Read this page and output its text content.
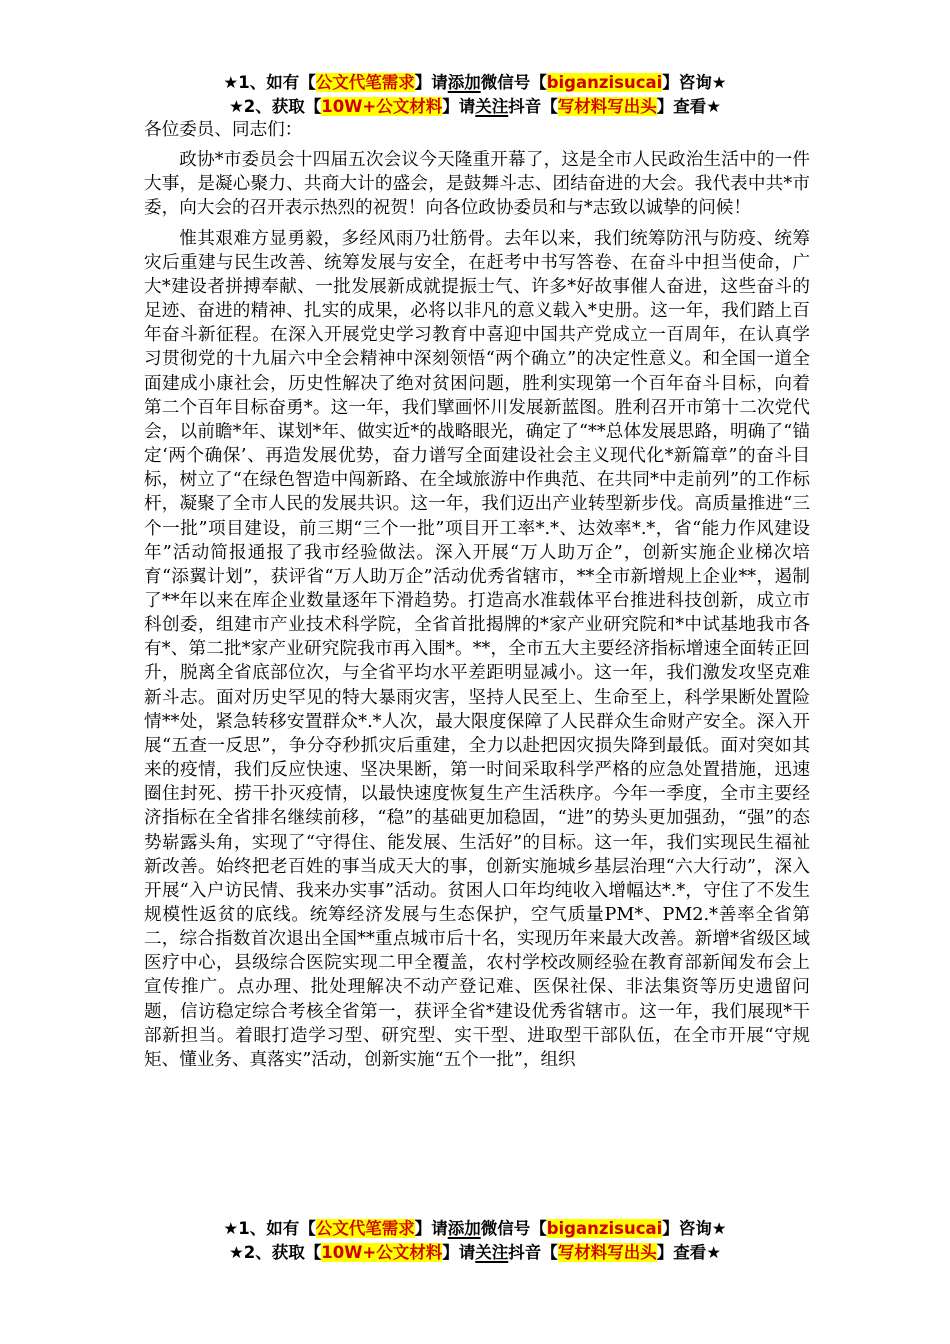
★1、如有【公文代笔需求】请添加微信号【biganzisucai】咨询★
★2、获取【10W+公文材料】请关注抖音【写材料写出头】查看★

各位委员、同志们：

政协*市委员会十四届五次会议今天隆重开幕了，这是全市人民政治生活中的一件大事，是凝心聚力、共商大计的盛会，是鼓舞斗志、团结奋进的大会。我代表中共*市委，向大会的召开表示热烈的祝贺！向各位政协委员和与*志致以诚挚的问候！

惟其艰难方显勇毅，多经风雨乃壮筋骨。去年以来，我们统筹防汛与防疫、统筹灾后重建与民生改善、统筹发展与安全，在赶考中书写答卷、在奋斗中担当使命，广大*建设者拼搏奉献、一批发展新成就提振士气、许多*好故事催人奋进，这些奋斗的足迹、奋进的精神、扎实的成果，必将以非凡的意义载入*史册。这一年，我们踏上百年奋斗新征程。在深入开展党史学习教育中喜迎中国共产党成立一百周年，在认真学习贯彻党的十九届六中全会精神中深刻领悟“两个确立”的决定性意义。和全国一道全面建成小康社会，历史性解决了绝对贫困问题，胜利实现第一个百年奋斗目标，向着第二个百年目标奋勇*。这一年，我们擘画怀川发展新蓝图。胜利召开市第十二次党代会，以前瞻*年、谋划*年、做实近*的战略眼光，确定了“**总体发展思路，明确了“锚定‘两个确保’、再造发展优势，奋力谱写全面建设社会主义现代化*新篇章”的奋斗目标，树立了“在绿色智造中闯新路、在全域旅游中作典范、在共同*中走前列”的工作标杆，凝聚了全市人民的发展共识。这一年，我们迈出产业转型新步伐。高质量推进“三个一批”项目建设，前三期“三个一批”项目开工率*.*、达效率*.*，省“能力作风建设年”活动简报通报了我市经验做法。深入开展“万人助万企”，创新实施企业梯次培育“添翼计划”，获评省“万人助万企”活动优秀省辖市，**全市新增规上企业**，遏制了**年以来在库企业数量逐年下滑趋势。打造高水准载体平台推进科技创新，成立市科创委，组建市产业技术科学院，全省首批揭牌的*家产业研究院和*中试基地我市各有*、第二批*家产业研究院我市再入围*。**，全市五大主要经济指标增速全面转正回升，脱离全省底部位次，与全省平均水平差距明显减小。这一年，我们激发攻坚克难新斗志。面对历史罕见的特大暴雨灾害，坚持人民至上、生命至上，科学果断处置险情**处，紧急转移安置群众*.*人次，最大限度保障了人民群众生命财产安全。深入开展“五查一反思”，争分夺秒抓灾后重建，全力以赴把因灾损失降到最低。面对突如其来的疫情，我们反应快速、坚决果断，第一时间采取科学严格的应急处置措施，迅速圈住封死、捞干扑灭疫情，以最快速度恢复生产生活秩序。今年一季度，全市主要经济指标在全省排名继续前移，“稳”的基础更加稳固，“进”的势头更加强劲，“强”的态势崭露头角，实现了“守得住、能发展、生活好”的目标。这一年，我们实现民生福祉新改善。始终把老百姓的事当成天大的事，创新实施城乡基层治理“六大行动”，深入开展“入户访民情、我来办实事”活动。贫困人口年均纯收入增幅达*.*，守住了不发生规模性返贫的底线。统筹经济发展与生态保护，空气质量PM*、PM2.*善率全省第二，综合指数首次退出全国**重点城市后十名，实现历年来最大改善。新增*省级区域医疗中心，县级综合医院实现二甲全覆盖，农村学校改厕经验在教育部新闻发布会上宣传推广。点办理、批处理解决不动产登记难、医保社保、非法集资等历史遗留问题，信访稳定综合考核全省第一，获评全省*建设优秀省辖市。这一年，我们展现*干部新担当。着眼打造学习型、研究型、实干型、进取型干部队伍，在全市开展“守规矩、懂业务、真落实”活动，创新实施“五个一批”，组织

★1、如有【公文代笔需求】请添加微信号【biganzisucai】咨询★
★2、获取【10W+公文材料】请关注抖音【写材料写出头】查看★
